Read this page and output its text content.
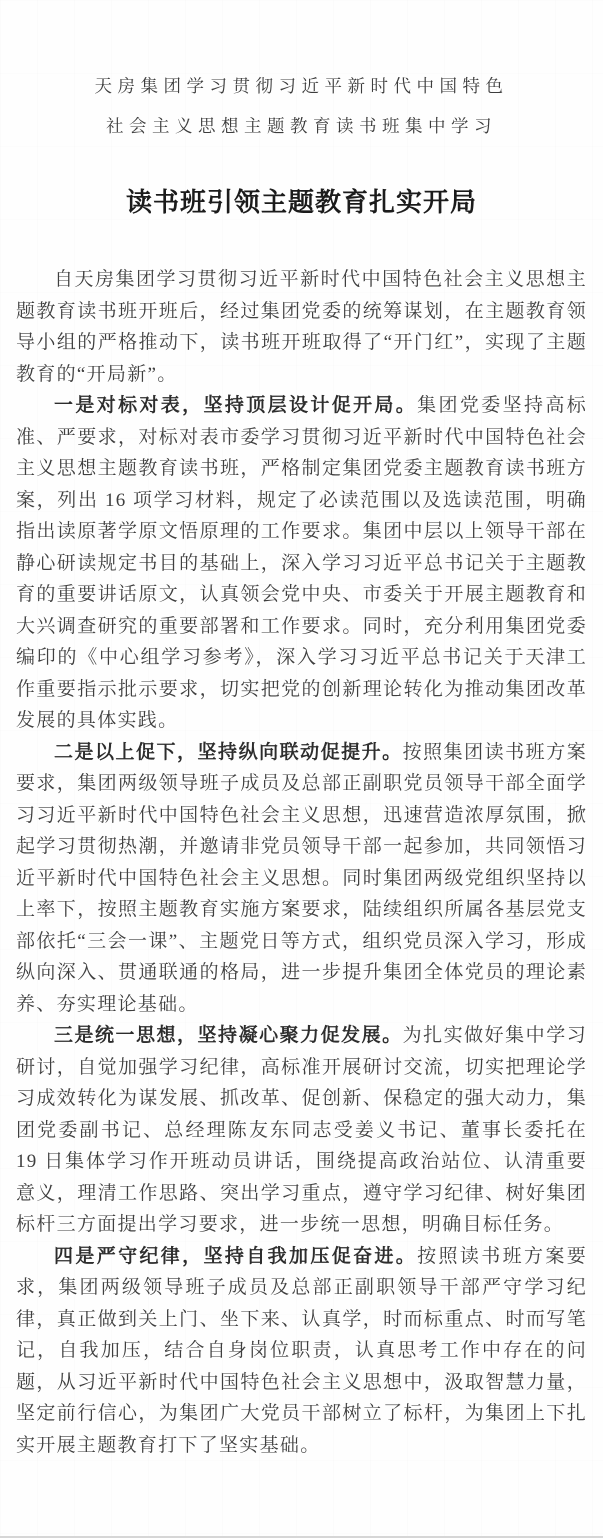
天房集团学习贯彻习近平新时代中国特色
社会主义思想主题教育读书班集中学习
读书班引领主题教育扎实开局

自天房集团学习贯彻习近平新时代中国特色社会主义思想主题教育读书班开班后，经过集团党委的统筹谋划，在主题教育领导小组的严格推动下，读书班开班取得了“开门红”，实现了主题教育的“开局新”。

一是对标对表，坚持顶层设计促开局。集团党委坚持高标准、严要求，对标对表市委学习贯彻习近平新时代中国特色社会主义思想主题教育读书班，严格制定集团党委主题教育读书班方案，列出 16 项学习材料，规定了必读范围以及选读范围，明确指出读原著学原文悟原理的工作要求。集团中层以上领导干部在静心研读规定书目的基础上，深入学习习近平总书记关于主题教育的重要讲话原文，认真领会党中央、市委关于开展主题教育和大兴调查研究的重要部署和工作要求。同时，充分利用集团党委编印的《中心组学习参考》，深入学习习近平总书记关于天津工作重要指示批示要求，切实把党的创新理论转化为推动集团改革发展的具体实践。

二是以上促下，坚持纵向联动促提升。按照集团读书班方案要求，集团两级领导班子成员及总部正副职党员领导干部全面学习习近平新时代中国特色社会主义思想，迅速营造浓厚氛围，掀起学习贯彻热潮，并邀请非党员领导干部一起参加，共同领悟习近平新时代中国特色社会主义思想。同时集团两级党组织坚持以上率下，按照主题教育实施方案要求，陆续组织所属各基层党支部依托“三会一课”、主题党日等方式，组织党员深入学习，形成纵向深入、贯通联通的格局，进一步提升集团全体党员的理论素养、夯实理论基础。

三是统一思想，坚持凝心聚力促发展。为扎实做好集中学习研讨，自觉加强学习纪律，高标准开展研讨交流，切实把理论学习成效转化为谋发展、抓改革、促创新、保稳定的强大动力，集团党委副书记、总经理陈友东同志受姜义书记、董事长委托在 19 日集体学习作开班动员讲话，围绕提高政治站位、认清重要意义，理清工作思路、突出学习重点，遵守学习纪律、树好集团标杆三方面提出学习要求，进一步统一思想，明确目标任务。

四是严守纪律，坚持自我加压促奋进。按照读书班方案要求，集团两级领导班子成员及总部正副职领导干部严守学习纪律，真正做到关上门、坐下来、认真学，时而标重点、时而写笔记，自我加压，结合自身岗位职责，认真思考工作中存在的问题，从习近平新时代中国特色社会主义思想中，汲取智慧力量，坚定前行信心，为集团广大党员干部树立了标杆，为集团上下扎实开展主题教育打下了坚实基础。
